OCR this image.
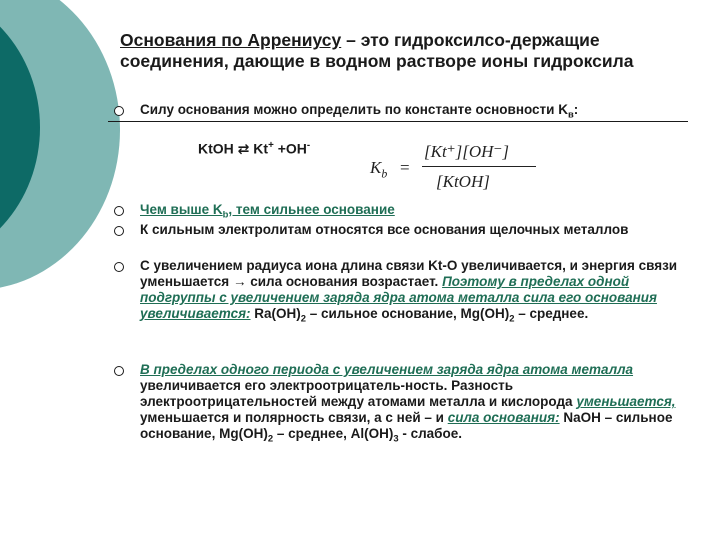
Основания по Аррениусу – это гидроксилсо-держащие соединения, дающие в водном растворе ионы гидроксила
Силу основания можно определить по константе основности $K_в$:
KtOH ⇄ Kt+ +OH-
$K_b$ =
[Kt⁺][OH⁻]
[KtOH]
Чем выше $K_b$, тем сильнее основание
К сильным электролитам относятся все основания щелочных металлов
С увеличением радиуса иона длина связи Kt-O увеличивается, и энергия связи уменьшается → сила основания возрастает. Поэтому в пределах одной подгруппы с увеличением заряда ядра атома металла сила его основания увеличивается: $Ra(OH)_2$ – сильное основание, $Mg(OH)_2$ – среднее.
В пределах одного периода с увеличением заряда ядра атома металла увеличивается его электроотрицатель-ность. Разность электроотрицательностей между атомами металла и кислорода уменьшается, уменьшается и полярность связи, а с ней – и сила основания: NaOH – сильное основание, $Mg(OH)_2$ – среднее, $Al(OH)_3$ - слабое.
